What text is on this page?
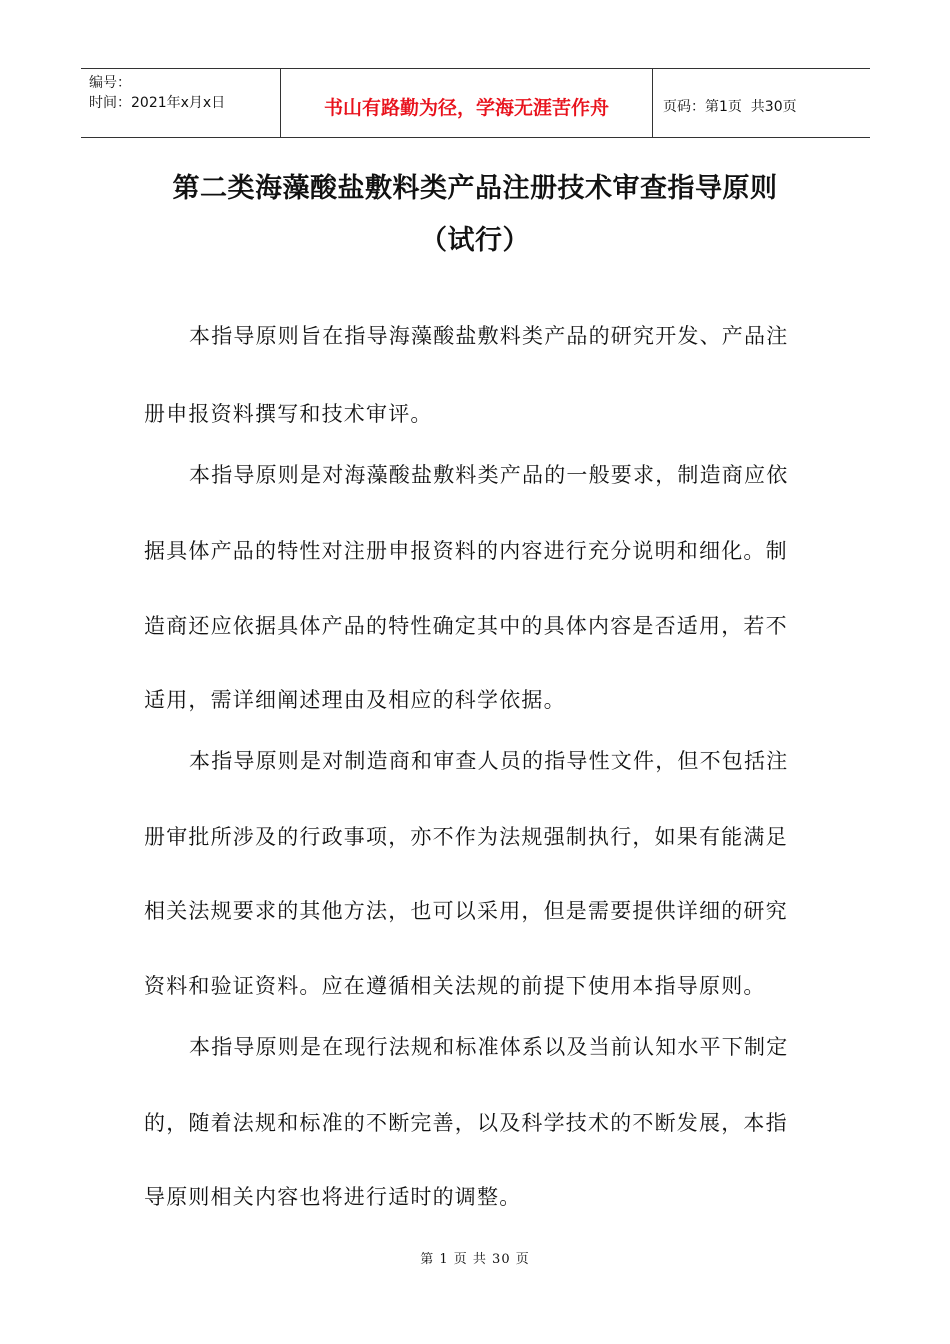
编号：
时间：2021年x月x日	书山有路勤为径，学海无涯苦作舟	页码：第1页  共30页
第二类海藻酸盐敷料类产品注册技术审查指导原则
（试行）
本指导原则旨在指导海藻酸盐敷料类产品的研究开发、产品注
册申报资料撰写和技术审评。
本指导原则是对海藻酸盐敷料类产品的一般要求，制造商应依
据具体产品的特性对注册申报资料的内容进行充分说明和细化。制
造商还应依据具体产品的特性确定其中的具体内容是否适用，若不
适用，需详细阐述理由及相应的科学依据。
本指导原则是对制造商和审查人员的指导性文件，但不包括注
册审批所涉及的行政事项，亦不作为法规强制执行，如果有能满足
相关法规要求的其他方法，也可以采用，但是需要提供详细的研究
资料和验证资料。应在遵循相关法规的前提下使用本指导原则。
本指导原则是在现行法规和标准体系以及当前认知水平下制定
的，随着法规和标准的不断完善，以及科学技术的不断发展，本指
导原则相关内容也将进行适时的调整。
第 1 页 共 30 页
